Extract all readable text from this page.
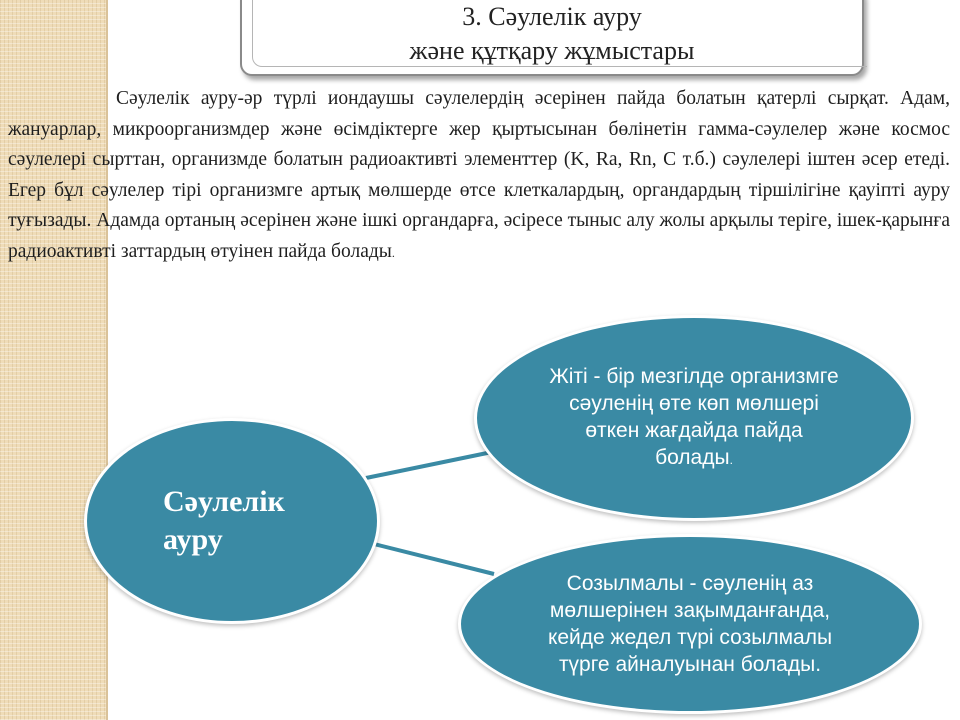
3. Сәулелік ауру
және құтқару жұмыстары

Сәулелік ауру-әр түрлі иондаушы сәулелердің әсерінен пайда болатын қатерлі сырқат. Адам, жануарлар, микроорганизмдер және өсімдіктерге жер қыртысынан бөлінетін гамма-сәулелер және космос сәулелері сырттан, организмде болатын радиоактивті элементтер (K, Ra, Rn, C т.б.) сәулелері іштен әсер етеді. Егер бұл сәулелер тірі организмге артық мөлшерде өтсе клеткалардың, органдардың тіршілігіне қауіпті ауру туғызады. Адамда ортаның әсерінен және ішкі органдарға, әсіресе тыныс алу жолы арқылы теріге, ішек-қарынға радиоактивті заттардың өтуінен пайда болады.

Сәулелік
ауру
Жіті - бір мезгілде организмге сәуленің өте көп мөлшері өткен жағдайда пайда болады.
Созылмалы - сәуленің аз мөлшерінен зақымданғанда, кейде жедел түрі созылмалы түрге айналуынан болады.
